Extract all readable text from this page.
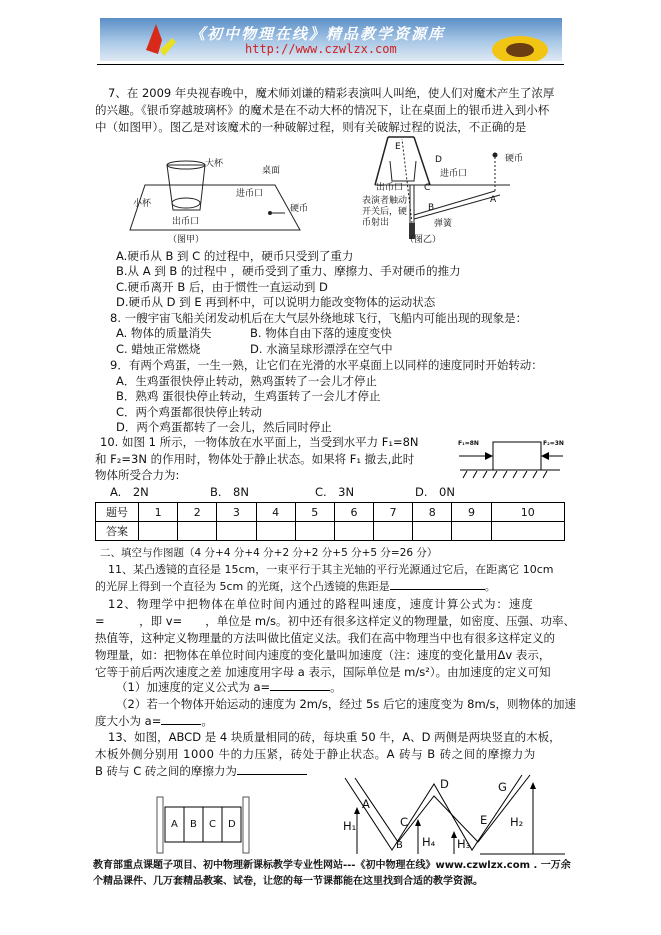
《初中物理在线》精品教学资源库
http://www.czwlzx.com
7、在 2009 年央视春晚中，魔术师刘谦的精彩表演叫人叫绝，使人们对魔术产生了浓厚
的兴趣。《银币穿越玻璃杯》的魔术是在不动大杯的情况下，让在桌面上的银币进入到小杯
中（如图甲）。图乙是对该魔术的一种破解过程，则有关破解过程的说法，不正确的是
大杯
桌面
小杯
进币口
硬币
出币口
（图甲）
E
D	硬币
进币口
出币口 C
A
表演者触动
开关后，硬
币射出
B
弹簧
（图乙）
A.硬币从 B 到 C 的过程中，硬币只受到了重力
B.从 A 到 B 的过程中 ，硬币受到了重力、摩擦力、手对硬币的推力
C.硬币离开 B 后，由于惯性一直运动到 D
D.硬币从 D 到 E 再到杯中，可以说明力能改变物体的运动状态
8. 一艘宇宙飞船关闭发动机后在大气层外绕地球飞行，飞船内可能出现的现象是：
A. 物体的质量消失	B. 物体自由下落的速度变快
C. 蜡烛正常燃烧	D. 水滴呈球形漂浮在空气中
9．有两个鸡蛋，一生一熟，让它们在光滑的水平桌面上以同样的速度同时开始转动：
A．生鸡蛋很快停止转动，熟鸡蛋转了一会儿才停止
B．熟鸡 蛋很快停止转动，生鸡蛋转了一会儿才停止
C．两个鸡蛋都很快停止转动
D．两个鸡蛋都转了一会儿，然后同时停止
10. 如图 1 所示，一物体放在水平面上，当受到水平力 F₁=8N
和 F₂=3N 的作用时，物体处于静止状态。如果将 F₁ 撤去,此时
物体所受合力为:
F₁=8N	F₂=3N
A.　2N	B.　8N	C.　3N	D.　0N
题号	1	2	3	4	5	6	7	8	9	10
答案										
二、填空与作图题（4 分+4 分+4 分+2 分+2 分+5 分+5 分=26 分）
11、某凸透镜的直径是 15cm，一束平行于其主光轴的平行光源通过它后，在距离它 10cm
的光屏上得到一个直径为 5cm 的光斑，这个凸透镜的焦距是	。
12、物理学中把物体在单位时间内通过的路程叫速度，速度计算公式为：速度
=　　　，即 v=　　，单位是 m/s。初中还有很多这样定义的物理量，如密度、压强、功率、
热值等，这种定义物理量的方法叫做比值定义法。我们在高中物理当中也有很多这样定义的
物理量，如：把物体在单位时间内速度的变化量叫加速度（注：速度的变化量用Δv 表示，
它等于前后两次速度之差 加速度用字母 a 表示，国际单位是 m/s²）。由加速度的定义可知
（1）加速度的定义公式为 a=	。
（2）若一个物体开始运动的速度为 2m/s，经过 5s 后它的速度变为 8m/s，则物体的加速
度大小为 a=	。
13、如图，ABCD 是 4 块质量相同的砖，每块重 50 牛，A、D 两侧是两块竖直的木板，
木板外侧分别用 1000 牛的力压紧，砖处于静止状态。A 砖与 B 砖之间的摩擦力为
B 砖与 C 砖之间的摩擦力为
A B C D
A
C
D
E
G
H₁	H₂
H₃
H₄
B
教育部重点课题子项目、初中物理新课标教学专业性网站---《初中物理在线》www.czwlzx.com . 一万余
个精品课件、几万套精品教案、试卷，让您的每一节课都能在这里找到合适的教学资源。
